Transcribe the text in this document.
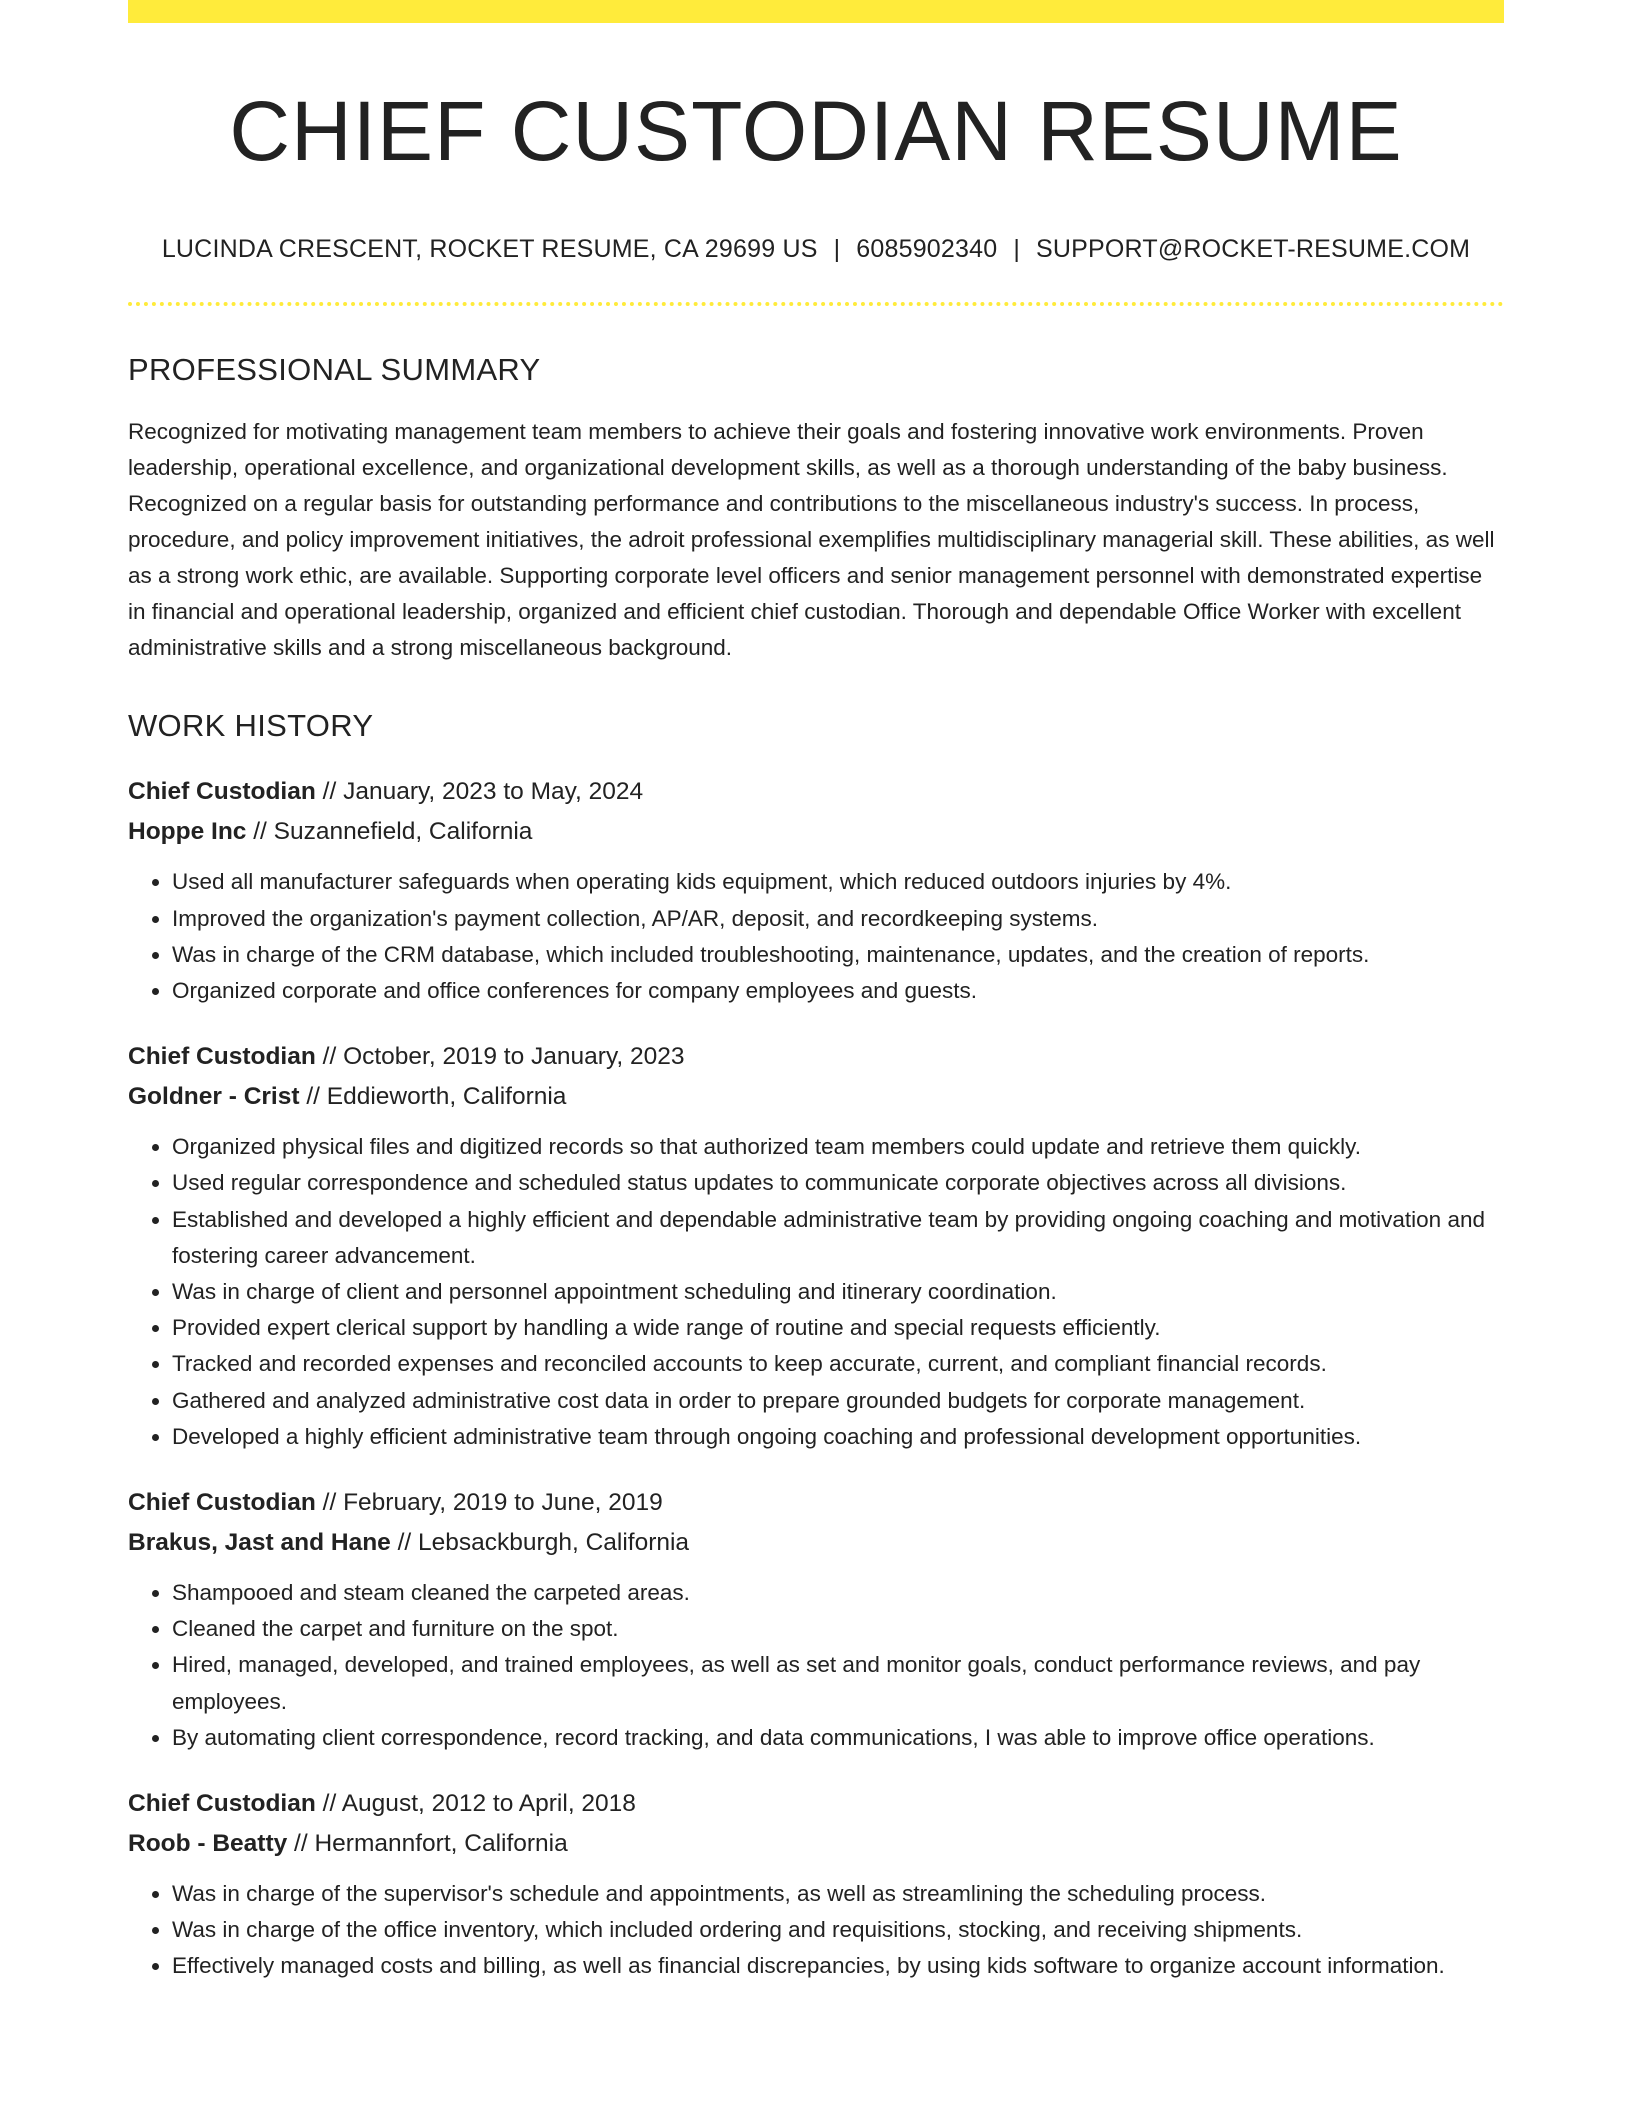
CHIEF CUSTODIAN RESUME
LUCINDA CRESCENT, ROCKET RESUME, CA 29699 US | 6085902340 | SUPPORT@ROCKET-RESUME.COM
PROFESSIONAL SUMMARY

Recognized for motivating management team members to achieve their goals and fostering innovative work environments. Proven leadership, operational excellence, and organizational development skills, as well as a thorough understanding of the baby business. Recognized on a regular basis for outstanding performance and contributions to the miscellaneous industry's success. In process, procedure, and policy improvement initiatives, the adroit professional exemplifies multidisciplinary managerial skill. These abilities, as well as a strong work ethic, are available. Supporting corporate level officers and senior management personnel with demonstrated expertise in financial and operational leadership, organized and efficient chief custodian. Thorough and dependable Office Worker with excellent administrative skills and a strong miscellaneous background.

WORK HISTORY
Chief Custodian // January, 2023 to May, 2024
Hoppe Inc // Suzannefield, California
• Used all manufacturer safeguards when operating kids equipment, which reduced outdoors injuries by 4%.
• Improved the organization's payment collection, AP/AR, deposit, and recordkeeping systems.
• Was in charge of the CRM database, which included troubleshooting, maintenance, updates, and the creation of reports.
• Organized corporate and office conferences for company employees and guests.
Chief Custodian // October, 2019 to January, 2023
Goldner - Crist // Eddieworth, California
• Organized physical files and digitized records so that authorized team members could update and retrieve them quickly.
• Used regular correspondence and scheduled status updates to communicate corporate objectives across all divisions.
• Established and developed a highly efficient and dependable administrative team by providing ongoing coaching and motivation and fostering career advancement.
• Was in charge of client and personnel appointment scheduling and itinerary coordination.
• Provided expert clerical support by handling a wide range of routine and special requests efficiently.
• Tracked and recorded expenses and reconciled accounts to keep accurate, current, and compliant financial records.
• Gathered and analyzed administrative cost data in order to prepare grounded budgets for corporate management.
• Developed a highly efficient administrative team through ongoing coaching and professional development opportunities.
Chief Custodian // February, 2019 to June, 2019
Brakus, Jast and Hane // Lebsackburgh, California
• Shampooed and steam cleaned the carpeted areas.
• Cleaned the carpet and furniture on the spot.
• Hired, managed, developed, and trained employees, as well as set and monitor goals, conduct performance reviews, and pay employees.
• By automating client correspondence, record tracking, and data communications, I was able to improve office operations.
Chief Custodian // August, 2012 to April, 2018
Roob - Beatty // Hermannfort, California
• Was in charge of the supervisor's schedule and appointments, as well as streamlining the scheduling process.
• Was in charge of the office inventory, which included ordering and requisitions, stocking, and receiving shipments.
• Effectively managed costs and billing, as well as financial discrepancies, by using kids software to organize account information.
